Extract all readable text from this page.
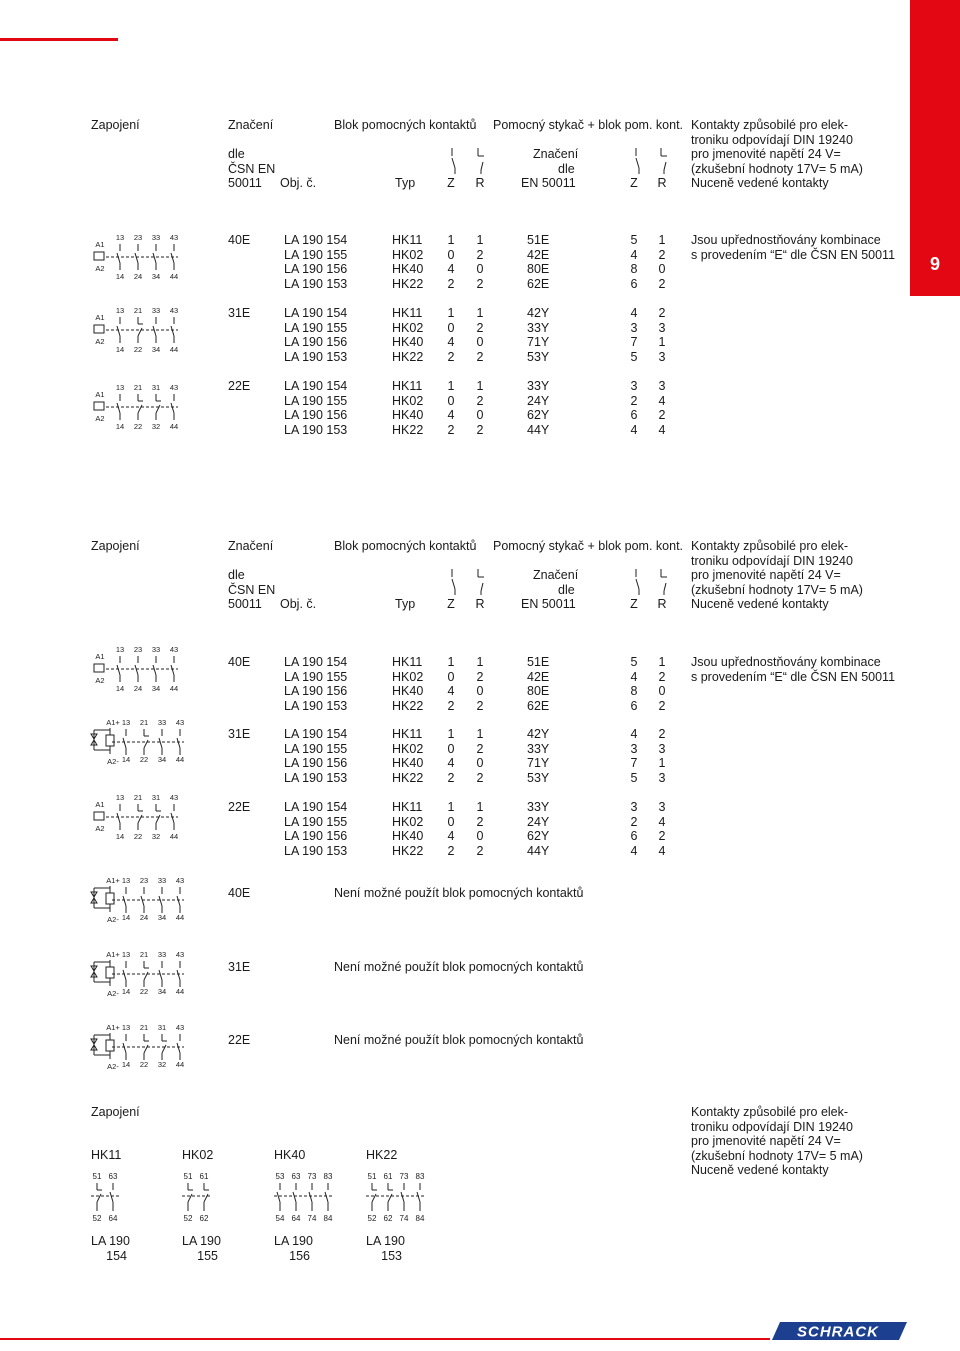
9
Zapojení	Značení	Blok pomocných kontaktů Pomocný stykač + blok pom. kont. Kontakty způsobilé pro elek-
troniku odpovídají DIN 19240
pro jmenovité napětí 24 V=
(zkušební hodnoty 17V= 5 mA)
Nuceně vedené kontakty
dle
ČSN EN
50011 Obj. č.	Typ	Z R
Značení
dle
EN 50011	Z R
40E	LA 190 154	HK11 1 1	51E	5 1
LA 190 155	HK02 0 2	42E	4 2
LA 190 156	HK40 4 0	80E	8 0
LA 190 153	HK22 2 2	62E	6 2
A1
A2
13
14
23
24
33
34
43
44
31E	LA 190 154	HK11 1 1	42Y	4 2
LA 190 155	HK02 0 2	33Y	3 3
LA 190 156	HK40 4 0	71Y	7 1
LA 190 153	HK22 2 2	53Y	5 3
A1
A2
13
14
21
22
33
34
43
44
22E	LA 190 154	HK11 1 1	33Y	3 3
LA 190 155	HK02 0 2	24Y	2 4
LA 190 156	HK40 4 0	62Y	6 2
LA 190 153	HK22 2 2	44Y	4 4
A1
A2
13
14
21
22
31
32
43
44
Jsou upřednostňovány kombinace
s provedením “E“ dle ČSN EN 50011
Zapojení	Značení	Blok pomocných kontaktů Pomocný stykač + blok pom. kont. Kontakty způsobilé pro elek-
troniku odpovídají DIN 19240
pro jmenovité napětí 24 V=
(zkušební hodnoty 17V= 5 mA)
Nuceně vedené kontakty
dle
ČSN EN
50011 Obj. č.	Typ	Z R
Značení
dle
EN 50011	Z R
40E	LA 190 154	HK11 1 1	51E	5 1
LA 190 155	HK02 0 2	42E	4 2
LA 190 156	HK40 4 0	80E	8 0
LA 190 153	HK22 2 2	62E	6 2
A1
A2
13
14
23
24
33
34
43
44
31E	LA 190 154	HK11 1 1	42Y	4 2
LA 190 155	HK02 0 2	33Y	3 3
LA 190 156	HK40 4 0	71Y	7 1
LA 190 153	HK22 2 2	53Y	5 3
A1+
A2-
13
14
21
22
33
34
43
44
22E	LA 190 154	HK11 1 1	33Y	3 3
LA 190 155	HK02 0 2	24Y	2 4
LA 190 156	HK40 4 0	62Y	6 2
LA 190 153	HK22 2 2	44Y	4 4
A1
A2
13
14
21
22
31
32
43
44
Jsou upřednostňovány kombinace
s provedením “E“ dle ČSN EN 50011
40E	Není možné použít blok pomocných kontaktů
A1+
A2-
13
14
23
24
33
34
43
44
31E	Není možné použít blok pomocných kontaktů
A1+
A2-
13
14
21
22
33
34
43
44
22E	Není možné použít blok pomocných kontaktů
A1+
A2-
13
14
21
22
31
32
43
44
Zapojení	Kontakty způsobilé pro elek-
troniku odpovídají DIN 19240
pro jmenovité napětí 24 V=
(zkušební hodnoty 17V= 5 mA)
Nuceně vedené kontakty
HK11
LA 190
154
51
52
63
64
HK02
LA 190
155
51
52
61
62
HK40
LA 190
156
53
54
63
64
73
74
83
84
HK22
LA 190
153
51
52
61
62
73
74
83
84
SCHRACK
